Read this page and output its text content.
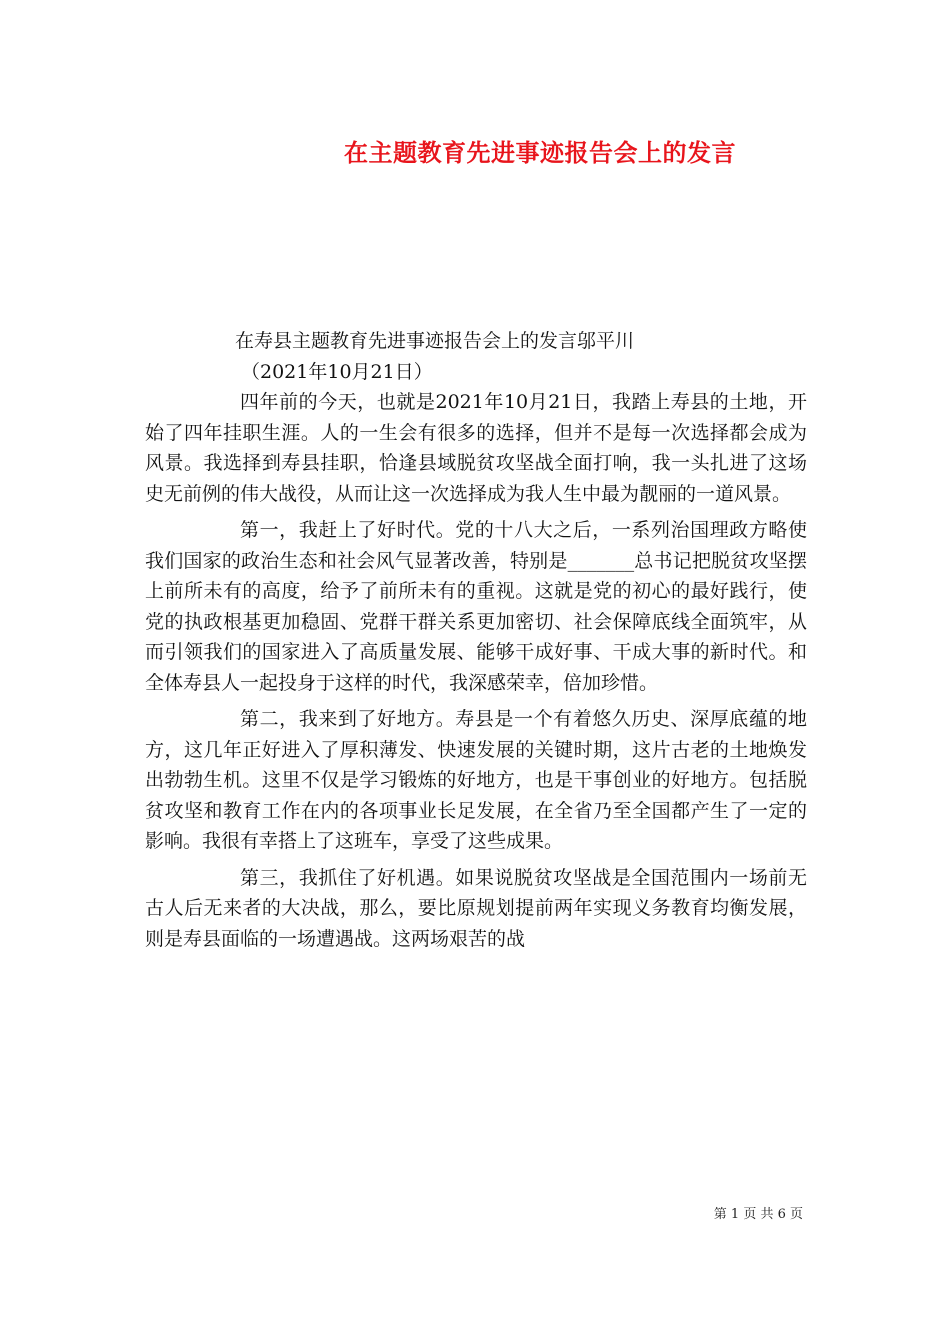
在主题教育先进事迹报告会上的发言

在寿县主题教育先进事迹报告会上的发言邬平川

（2021年10月21日）

四年前的今天，也就是2021年10月21日，我踏上寿县的土地，开始了四年挂职生涯。人的一生会有很多的选择，但并不是每一次选择都会成为风景。我选择到寿县挂职，恰逢县域脱贫攻坚战全面打响，我一头扎进了这场史无前例的伟大战役，从而让这一次选择成为我人生中最为靓丽的一道风景。

第一，我赶上了好时代。党的十八大之后，一系列治国理政方略使我们国家的政治生态和社会风气显著改善，特别是_______总书记把脱贫攻坚摆上前所未有的高度，给予了前所未有的重视。这就是党的初心的最好践行，使党的执政根基更加稳固、党群干群关系更加密切、社会保障底线全面筑牢，从而引领我们的国家进入了高质量发展、能够干成好事、干成大事的新时代。和全体寿县人一起投身于这样的时代，我深感荣幸，倍加珍惜。

第二，我来到了好地方。寿县是一个有着悠久历史、深厚底蕴的地方，这几年正好进入了厚积薄发、快速发展的关键时期，这片古老的土地焕发出勃勃生机。这里不仅是学习锻炼的好地方，也是干事创业的好地方。包括脱贫攻坚和教育工作在内的各项事业长足发展，在全省乃至全国都产生了一定的影响。我很有幸搭上了这班车，享受了这些成果。

第三，我抓住了好机遇。如果说脱贫攻坚战是全国范围内一场前无古人后无来者的大决战，那么，要比原规划提前两年实现义务教育均衡发展，则是寿县面临的一场遭遇战。这两场艰苦的战

第 1 页 共 6 页
